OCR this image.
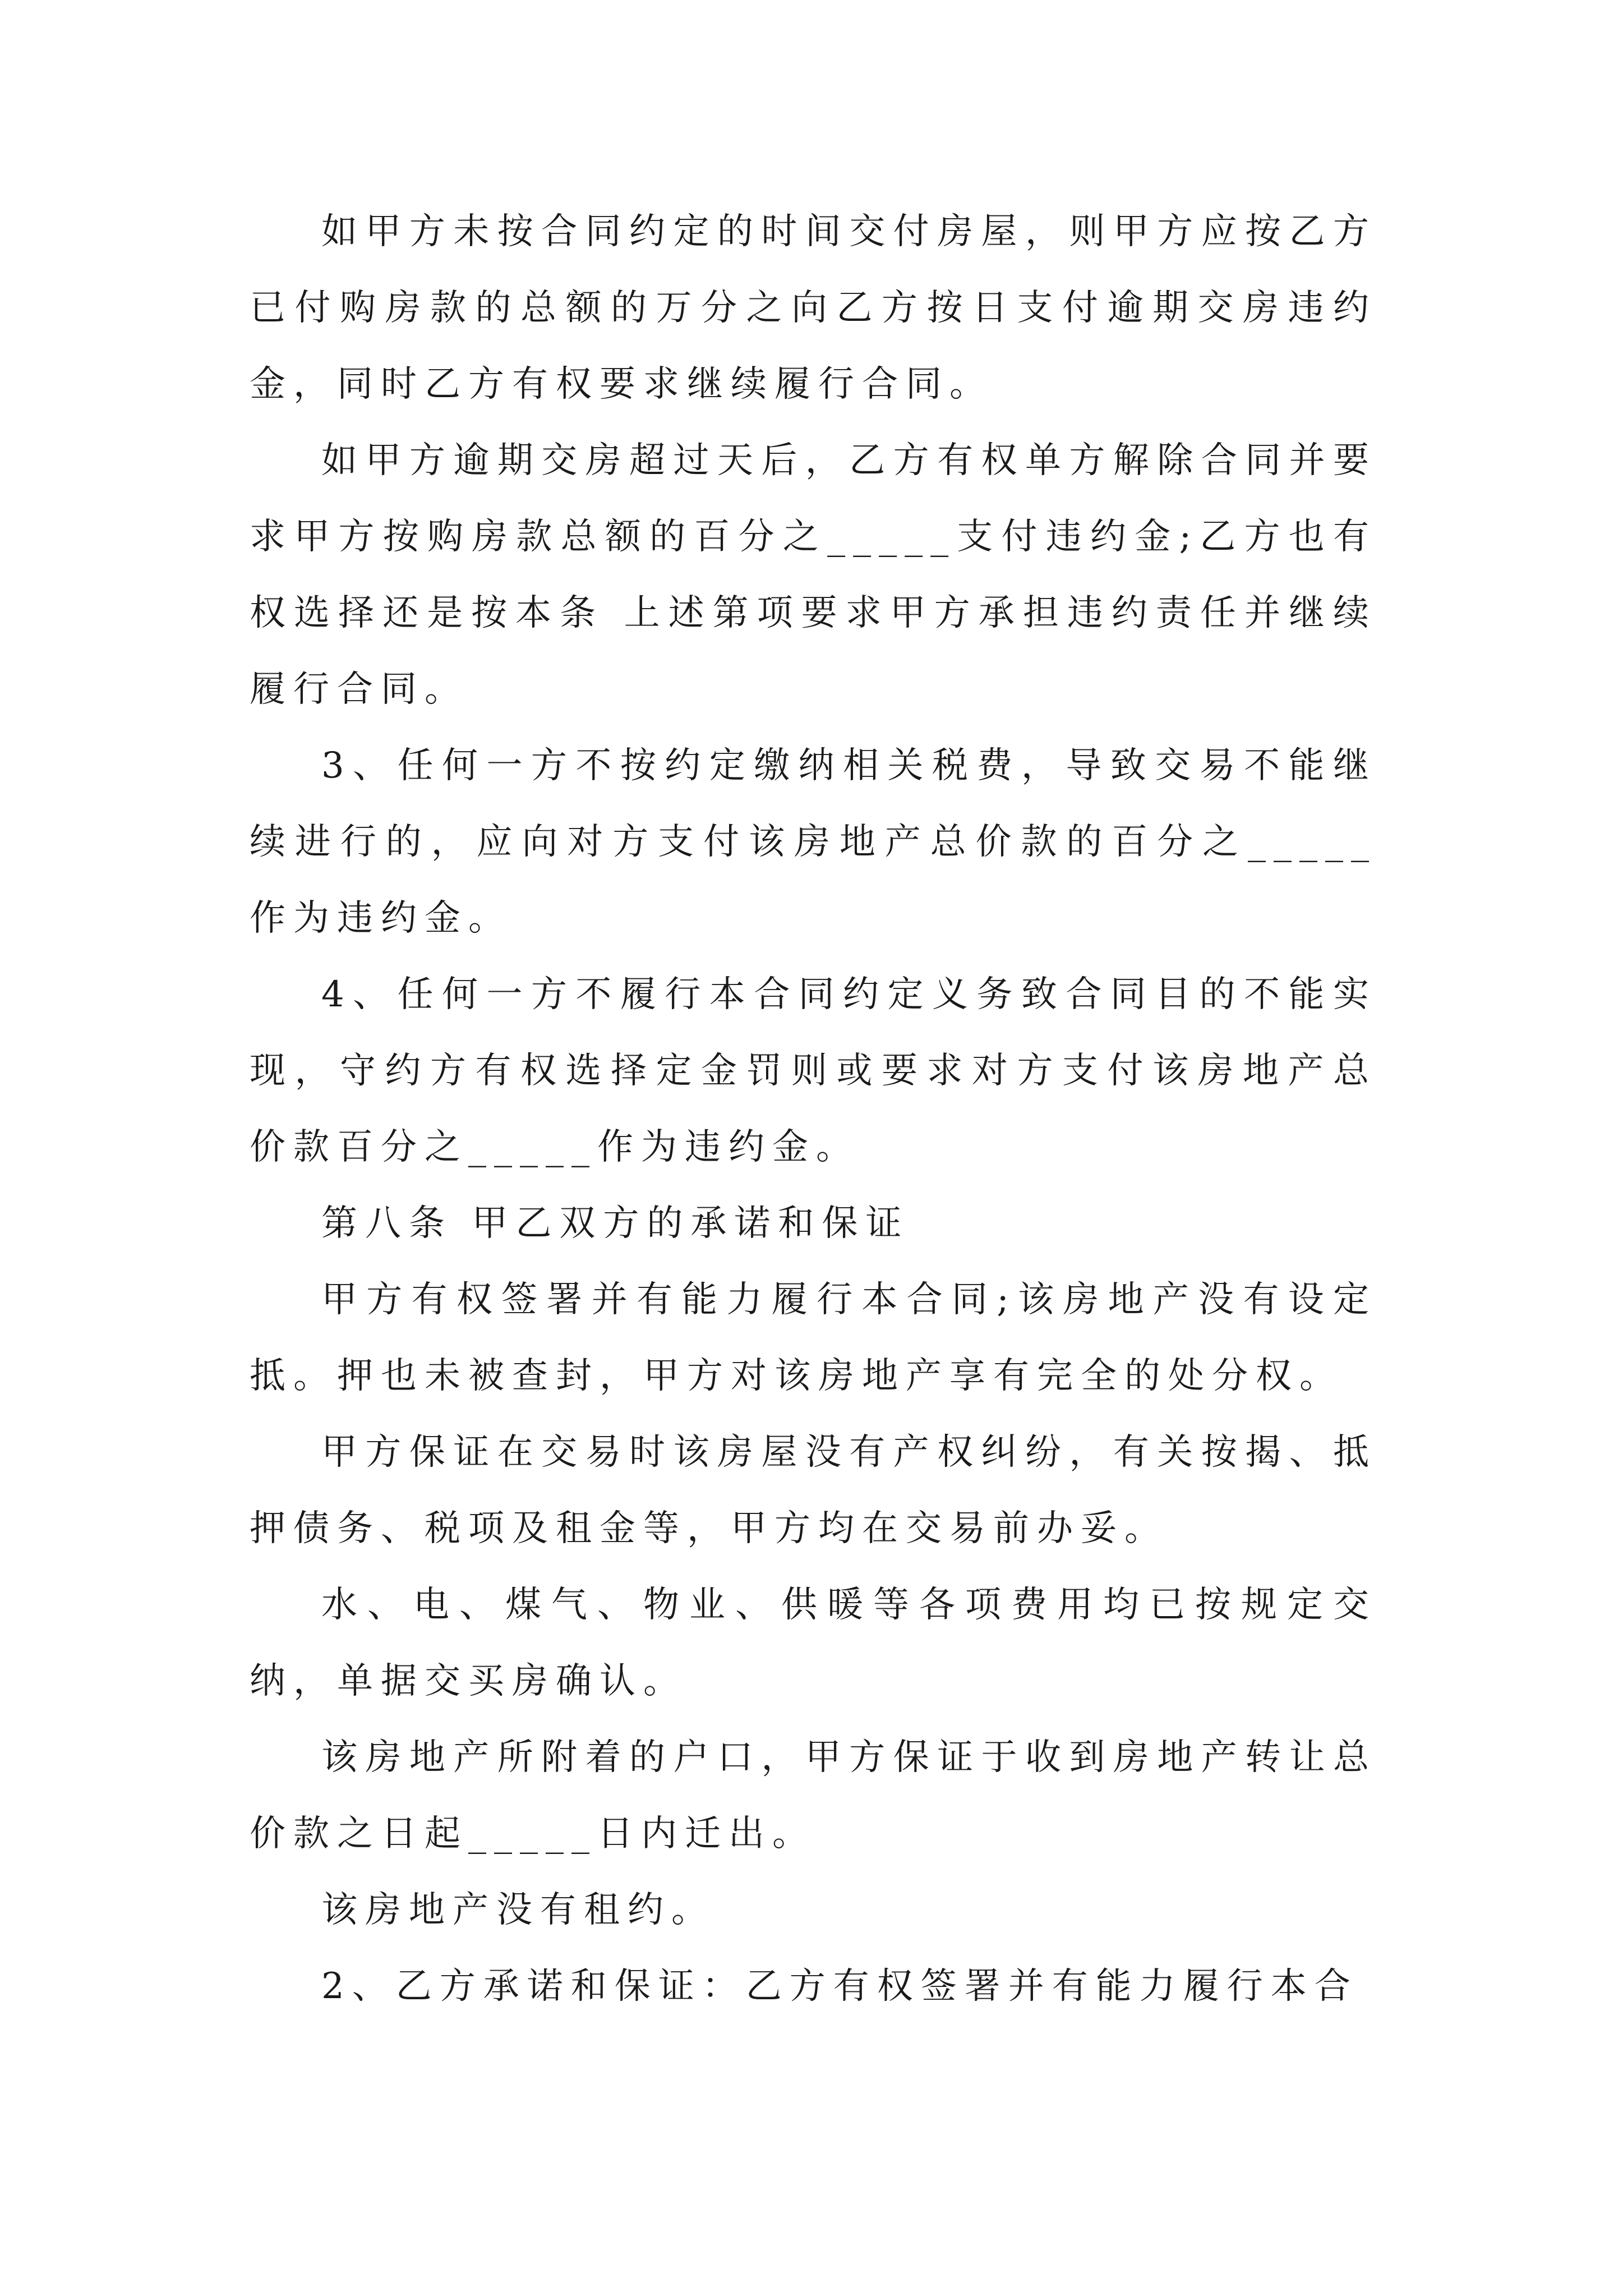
如甲方未按合同约定的时间交付房屋，则甲方应按乙方已付购房款的总额的万分之向乙方按日支付逾期交房违约金，同时乙方有权要求继续履行合同。

如甲方逾期交房超过天后，乙方有权单方解除合同并要求甲方按购房款总额的百分之_____支付违约金;乙方也有权选择还是按本条 上述第项要求甲方承担违约责任并继续履行合同。

3、任何一方不按约定缴纳相关税费，导致交易不能继续进行的，应向对方支付该房地产总价款的百分之_____作为违约金。

4、任何一方不履行本合同约定义务致合同目的不能实现，守约方有权选择定金罚则或要求对方支付该房地产总价款百分之_____作为违约金。

第八条 甲乙双方的承诺和保证

甲方有权签署并有能力履行本合同;该房地产没有设定抵。押也未被查封，甲方对该房地产享有完全的处分权。

甲方保证在交易时该房屋没有产权纠纷，有关按揭、抵押债务、税项及租金等，甲方均在交易前办妥。

水、电、煤气、物业、供暖等各项费用均已按规定交纳，单据交买房确认。

该房地产所附着的户口，甲方保证于收到房地产转让总价款之日起_____日内迁出。

该房地产没有租约。

2、乙方承诺和保证：乙方有权签署并有能力履行本合
